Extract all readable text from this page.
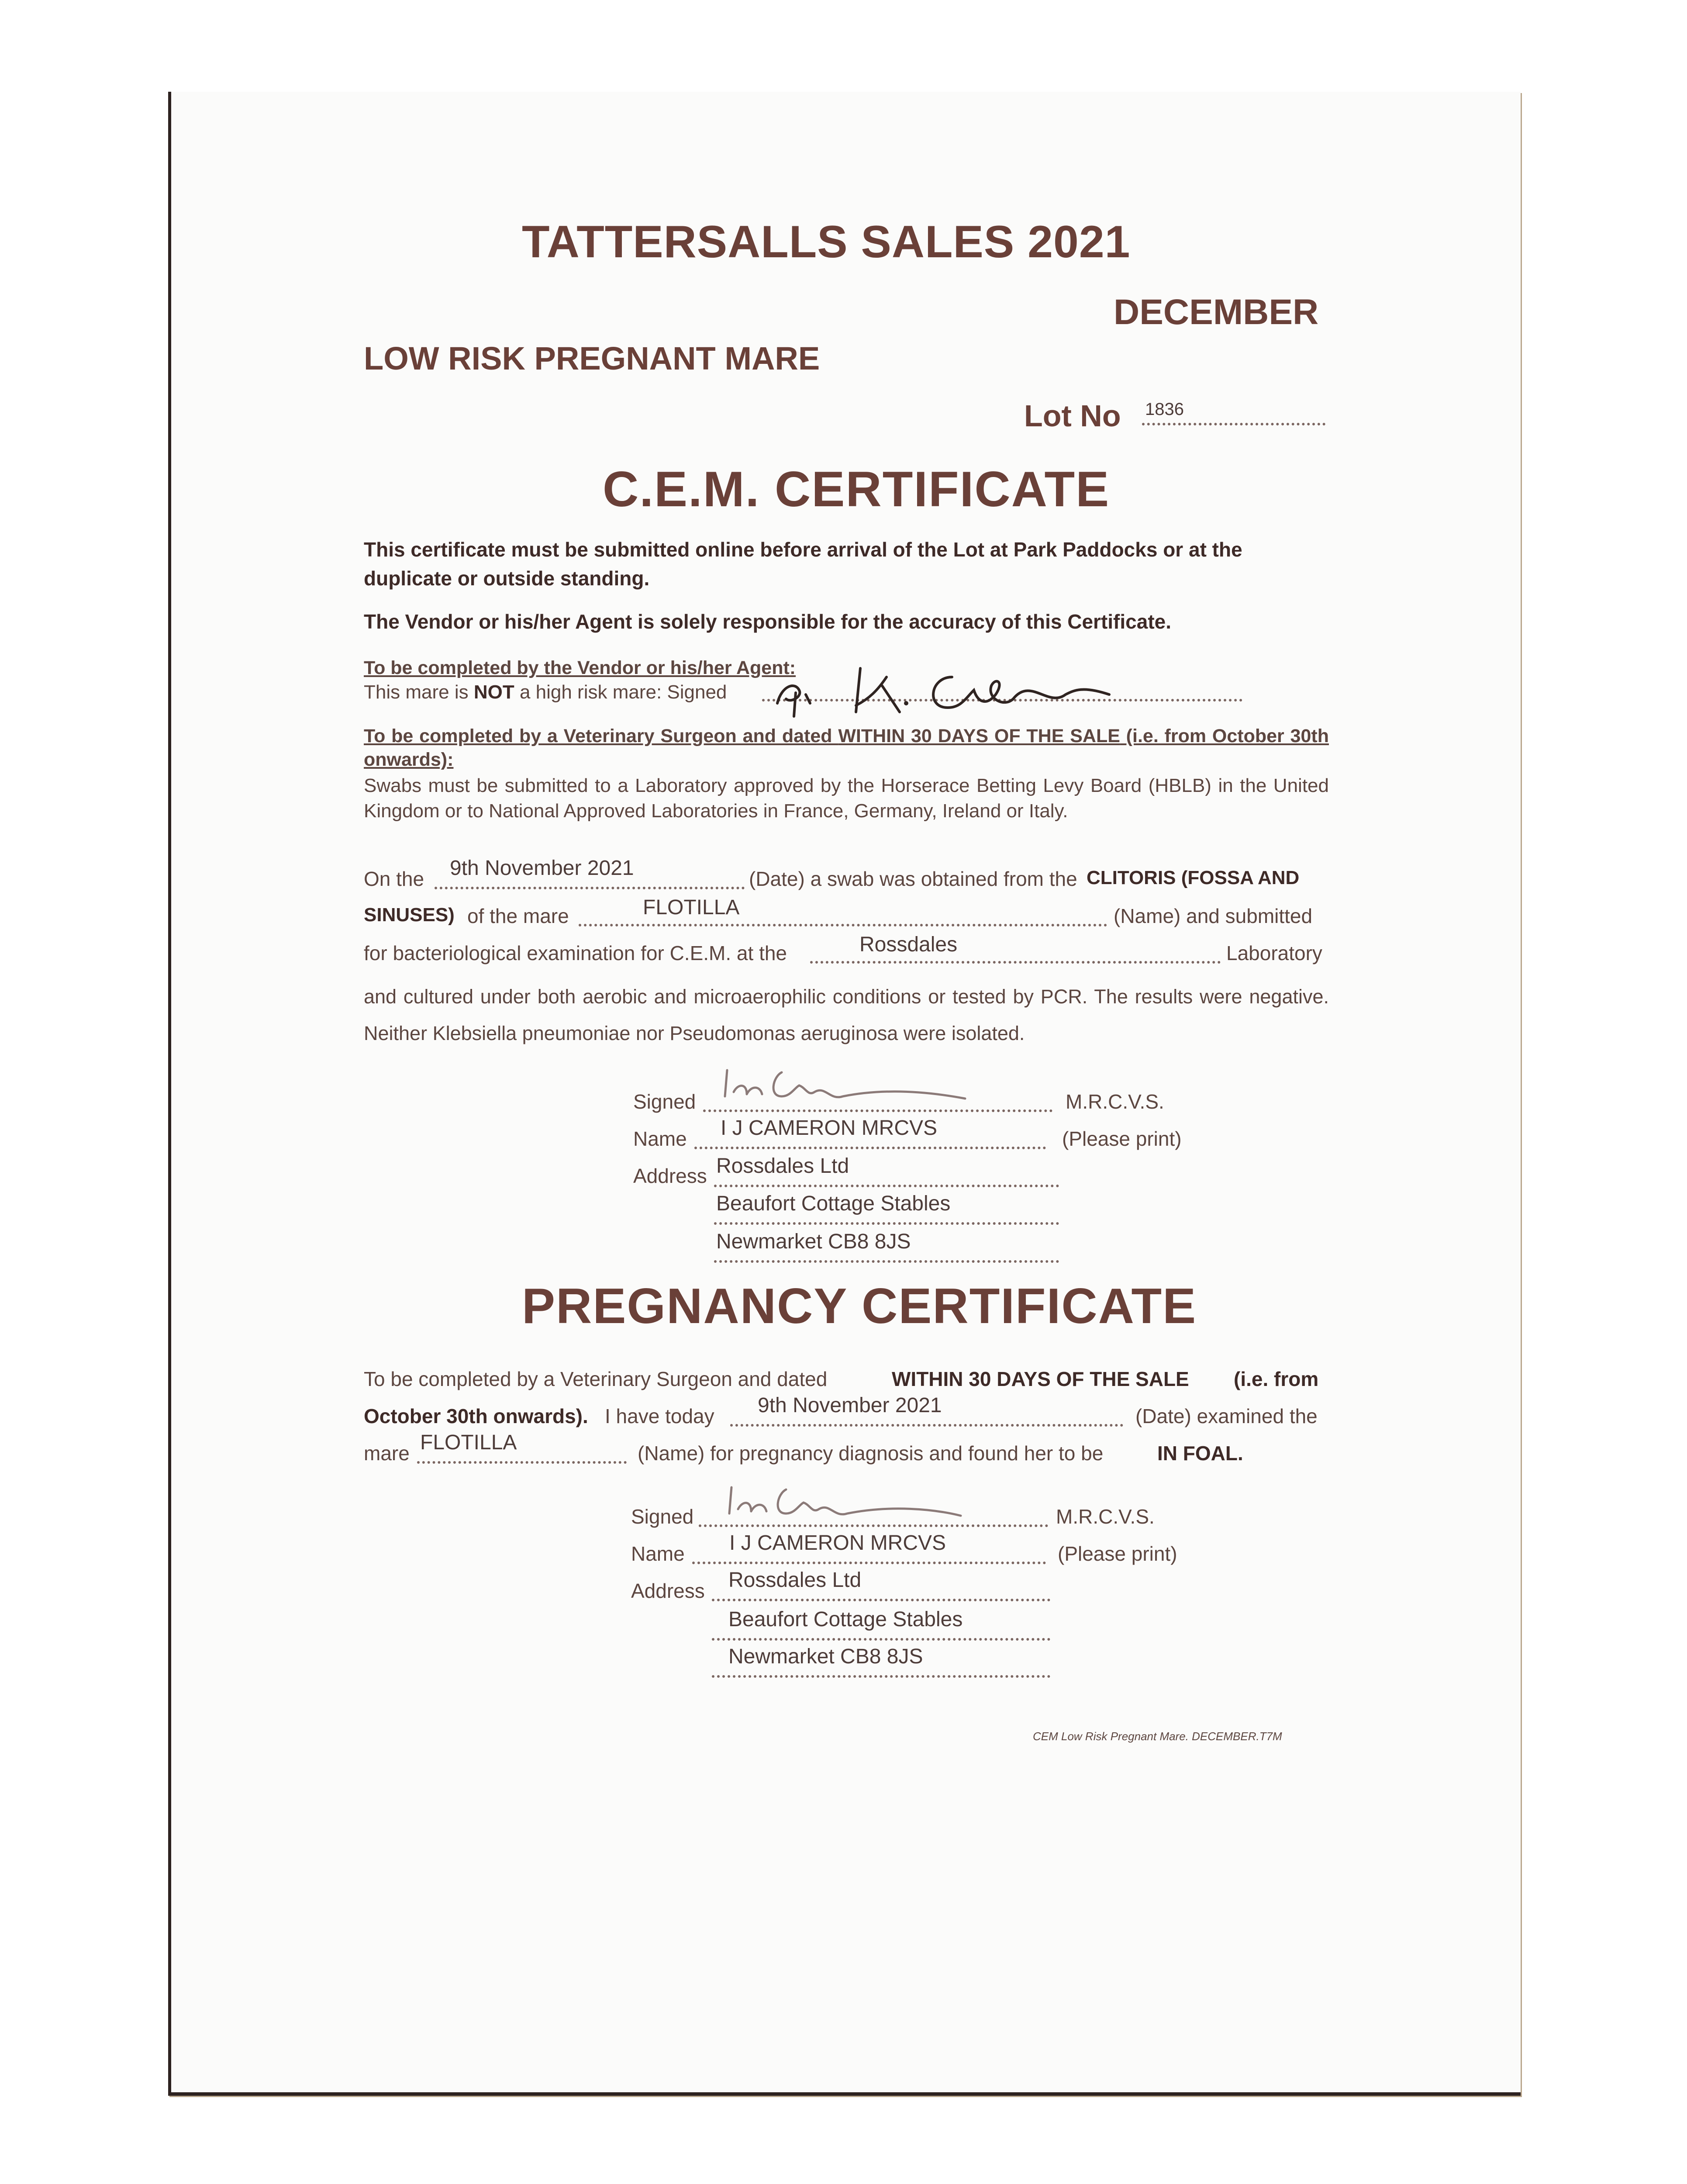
TATTERSALLS SALES 2021
DECEMBER
LOW RISK PREGNANT MARE
Lot No 1836
C.E.M. CERTIFICATE
This certificate must be submitted online before arrival of the Lot at Park Paddocks or at the duplicate or outside standing.
The Vendor or his/her Agent is solely responsible for the accuracy of this Certificate.
To be completed by the Vendor or his/her Agent:
This mare is NOT a high risk mare: Signed
To be completed by a Veterinary Surgeon and dated WITHIN 30 DAYS OF THE SALE (i.e. from October 30th onwards):
Swabs must be submitted to a Laboratory approved by the Horserace Betting Levy Board (HBLB) in the United Kingdom or to National Approved Laboratories in France, Germany, Ireland or Italy.
On the 9th November 2021	(Date) a swab was obtained from the CLITORIS (FOSSA AND
SINUSES) of the mare	FLOTILLA	(Name) and submitted
for bacteriological examination for C.E.M. at the	Rossdales	Laboratory
and cultured under both aerobic and microaerophilic conditions or tested by PCR. The results were negative. Neither Klebsiella pneumoniae nor Pseudomonas aeruginosa were isolated.
Signed	M.R.C.V.S.
Name I J CAMERON MRCVS	(Please print)
Address Rossdales Ltd
Beaufort Cottage Stables
Newmarket CB8 8JS
PREGNANCY CERTIFICATE
To be completed by a Veterinary Surgeon and dated	WITHIN 30 DAYS OF THE SALE (i.e. from
October 30th onwards). I have today 9th November 2021	(Date) examined the
mare FLOTILLA	(Name) for pregnancy diagnosis and found her to be	IN FOAL.
Signed	M.R.C.V.S.
Name I J CAMERON MRCVS	(Please print)
Address Rossdales Ltd
Beaufort Cottage Stables
Newmarket CB8 8JS
CEM Low Risk Pregnant Mare. DECEMBER.T7M
